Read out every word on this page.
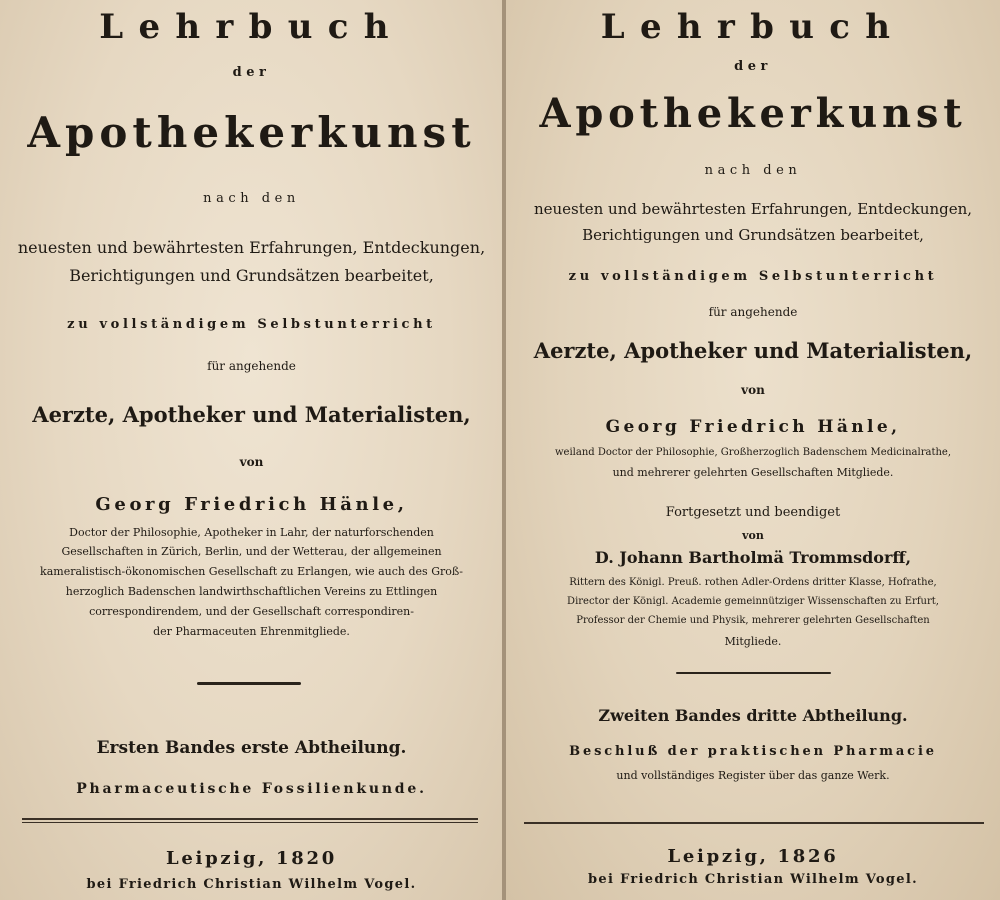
Lehrbuch
der
Apothekerkunst
nach den
neuesten und bewährtesten Erfahrungen, Entdeckungen,
Berichtigungen und Grundsätzen bearbeitet,
zu vollständigem Selbstunterricht
für angehende
Aerzte, Apotheker und Materialisten,
von
Georg Friedrich Hänle,
Doctor der Philosophie, Apotheker in Lahr, der naturforschenden
Gesellschaften in Zürich, Berlin, und der Wetterau, der allgemeinen
kameralistisch-ökonomischen Gesellschaft zu Erlangen, wie auch des Groß-
herzoglich Badenschen landwirthschaftlichen Vereins zu Ettlingen
correspondirendem, und der Gesellschaft correspondiren-
der Pharmaceuten Ehrenmitgliede.
Ersten Bandes erste Abtheilung.
Pharmaceutische Fossilienkunde.
Leipzig, 1820
bei Friedrich Christian Wilhelm Vogel.
Lehrbuch
der
Apothekerkunst
nach den
neuesten und bewährtesten Erfahrungen, Entdeckungen,
Berichtigungen und Grundsätzen bearbeitet,
zu vollständigem Selbstunterricht
für angehende
Aerzte, Apotheker und Materialisten,
von
Georg Friedrich Hänle,
weiland Doctor der Philosophie, Großherzoglich Badenschem Medicinalrathe,
und mehrerer gelehrten Gesellschaften Mitgliede.
Fortgesetzt und beendiget
von
D. Johann Bartholmä Trommsdorff,
Rittern des Königl. Preuß. rothen Adler-Ordens dritter Klasse, Hofrathe,
Director der Königl. Academie gemeinnütziger Wissenschaften zu Erfurt,
Professor der Chemie und Physik, mehrerer gelehrten Gesellschaften
Mitgliede.
Zweiten Bandes dritte Abtheilung.
Beschluß der praktischen Pharmacie
und vollständiges Register über das ganze Werk.
Leipzig, 1826
bei Friedrich Christian Wilhelm Vogel.
